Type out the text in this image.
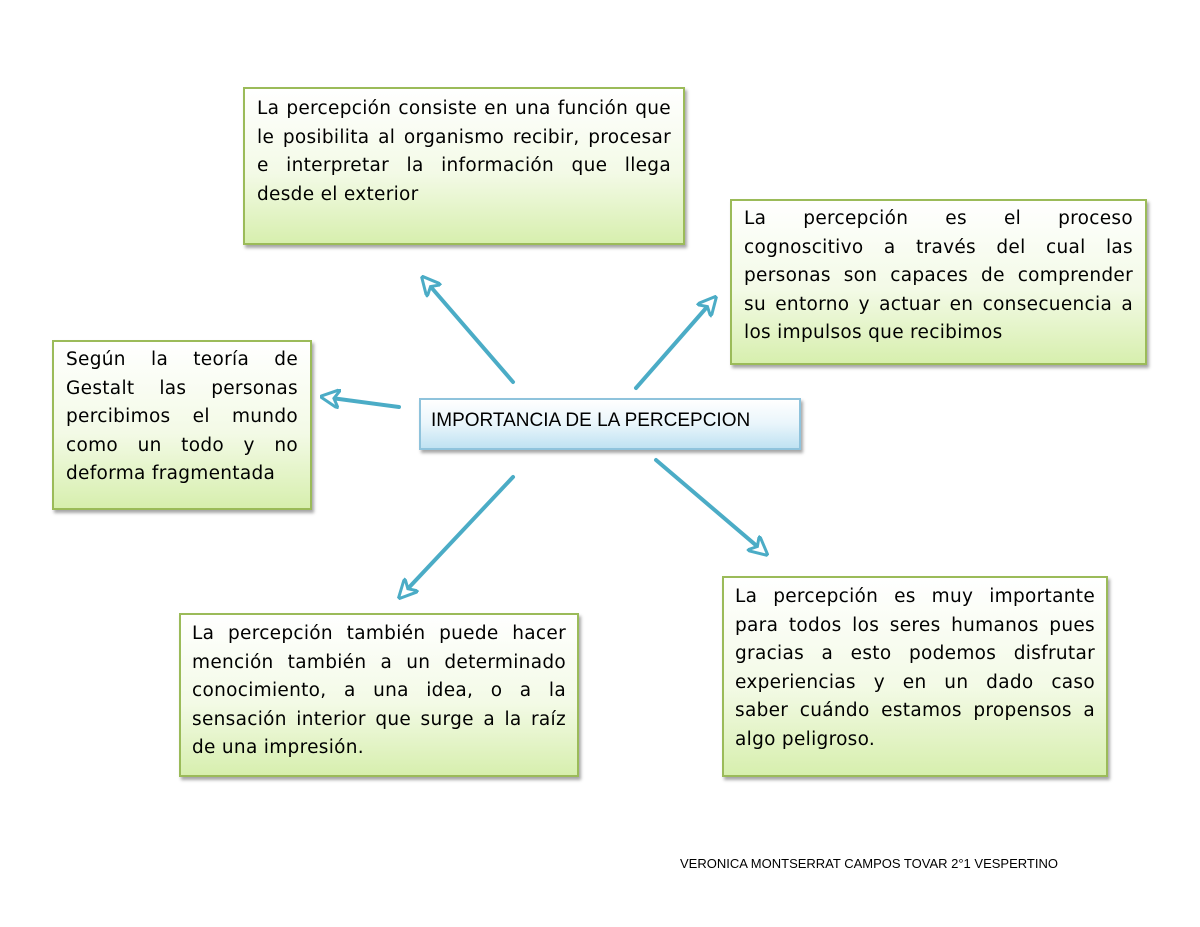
La percepción consiste en una función que le posibilita al organismo recibir, procesar e interpretar la información que llega desde el exterior
La percepción es el proceso cognoscitivo a través del cual las personas son capaces de comprender su entorno y actuar en consecuencia a los impulsos que recibimos
Según la teoría de Gestalt las personas percibimos el mundo como un todo y no deforma fragmentada
IMPORTANCIA DE LA PERCEPCION
La percepción también puede hacer mención también a un determinado conocimiento, a una idea, o a la sensación interior que surge a la raíz de una impresión.
La percepción es muy importante para todos los seres humanos pues gracias a esto podemos disfrutar experiencias y en un dado caso saber cuándo estamos propensos a algo peligroso.
VERONICA MONTSERRAT CAMPOS TOVAR 2°1 VESPERTINO
